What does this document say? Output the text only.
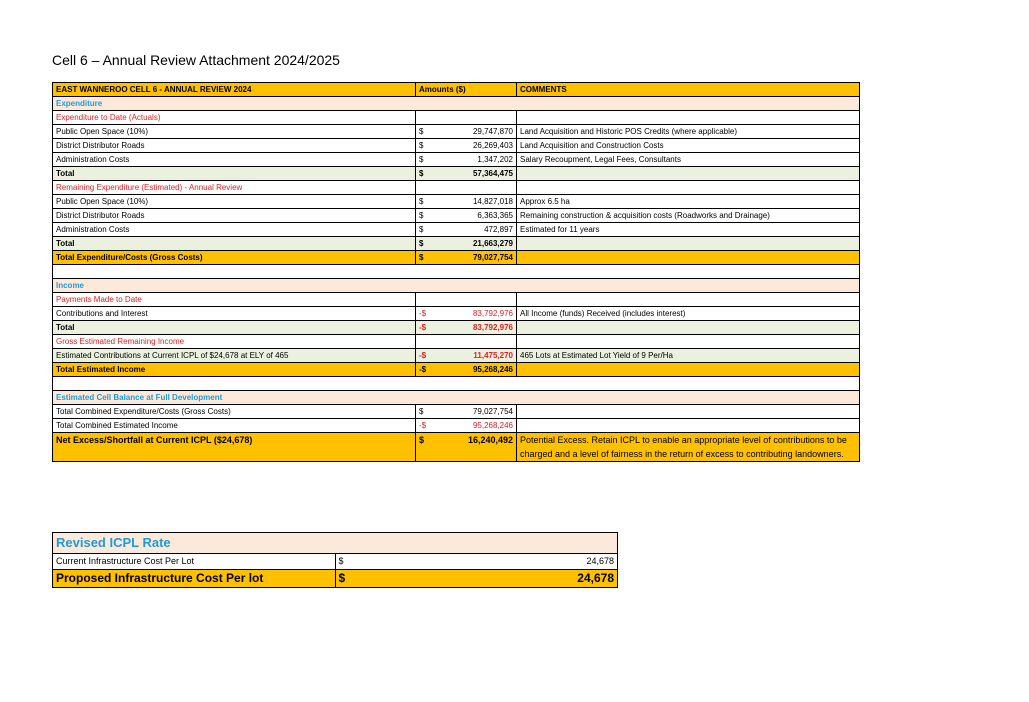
Cell 6 – Annual Review Attachment 2024/2025
EAST WANNEROO CELL 6 - ANNUAL REVIEW 2024	Amounts ($)	COMMENTS
Expenditure		
Expenditure to Date (Actuals)		
Public Open Space (10%)	$ 29,747,870	Land Acquisition and Historic POS Credits (where applicable)
District Distributor Roads	$ 26,269,403	Land Acquisition and Construction Costs
Administration Costs	$ 1,347,202	Salary Recoupment, Legal Fees, Consultants
Total	$ 57,364,475	

Remaining Expenditure (Estimated) - Annual Review		
Public Open Space (10%)	$ 14,827,018	Approx 6.5 ha
District Distributor Roads	$ 6,363,365	Remaining construction & acquisition costs (Roadworks and Drainage)
Administration Costs	$ 472,897	Estimated for 11 years
Total	$ 21,663,279	

Total Expenditure/Costs (Gross Costs)	$ 79,027,754	

Income		
Payments Made to Date		
Contributions and Interest	-$ 83,792,976	All Income (funds) Received (includes interest)
Total	-$ 83,792,976	

Gross Estimated Remaining Income		
Estimated Contributions at Current ICPL of $24,678 at ELY of 465	-$ 11,475,270	465 Lots at Estimated Lot Yield of 9 Per/Ha
Total Estimated Income	-$ 95,268,246	

Estimated Cell Balance at Full Development		
Total Combined Expenditure/Costs (Gross Costs)	$ 79,027,754	

Total Combined Estimated Income	-$ 95,268,246	

Net Excess/Shortfall at Current ICPL ($24,678)	$ 16,240,492	Potential Excess. Retain ICPL to enable an appropriate level of contributions to be charged and a level of fairness in the return of excess to contributing landowners.
Revised ICPL Rate	
Current Infrastructure Cost Per Lot	$ 24,678

Proposed Infrastructure Cost Per lot	$ 24,678
